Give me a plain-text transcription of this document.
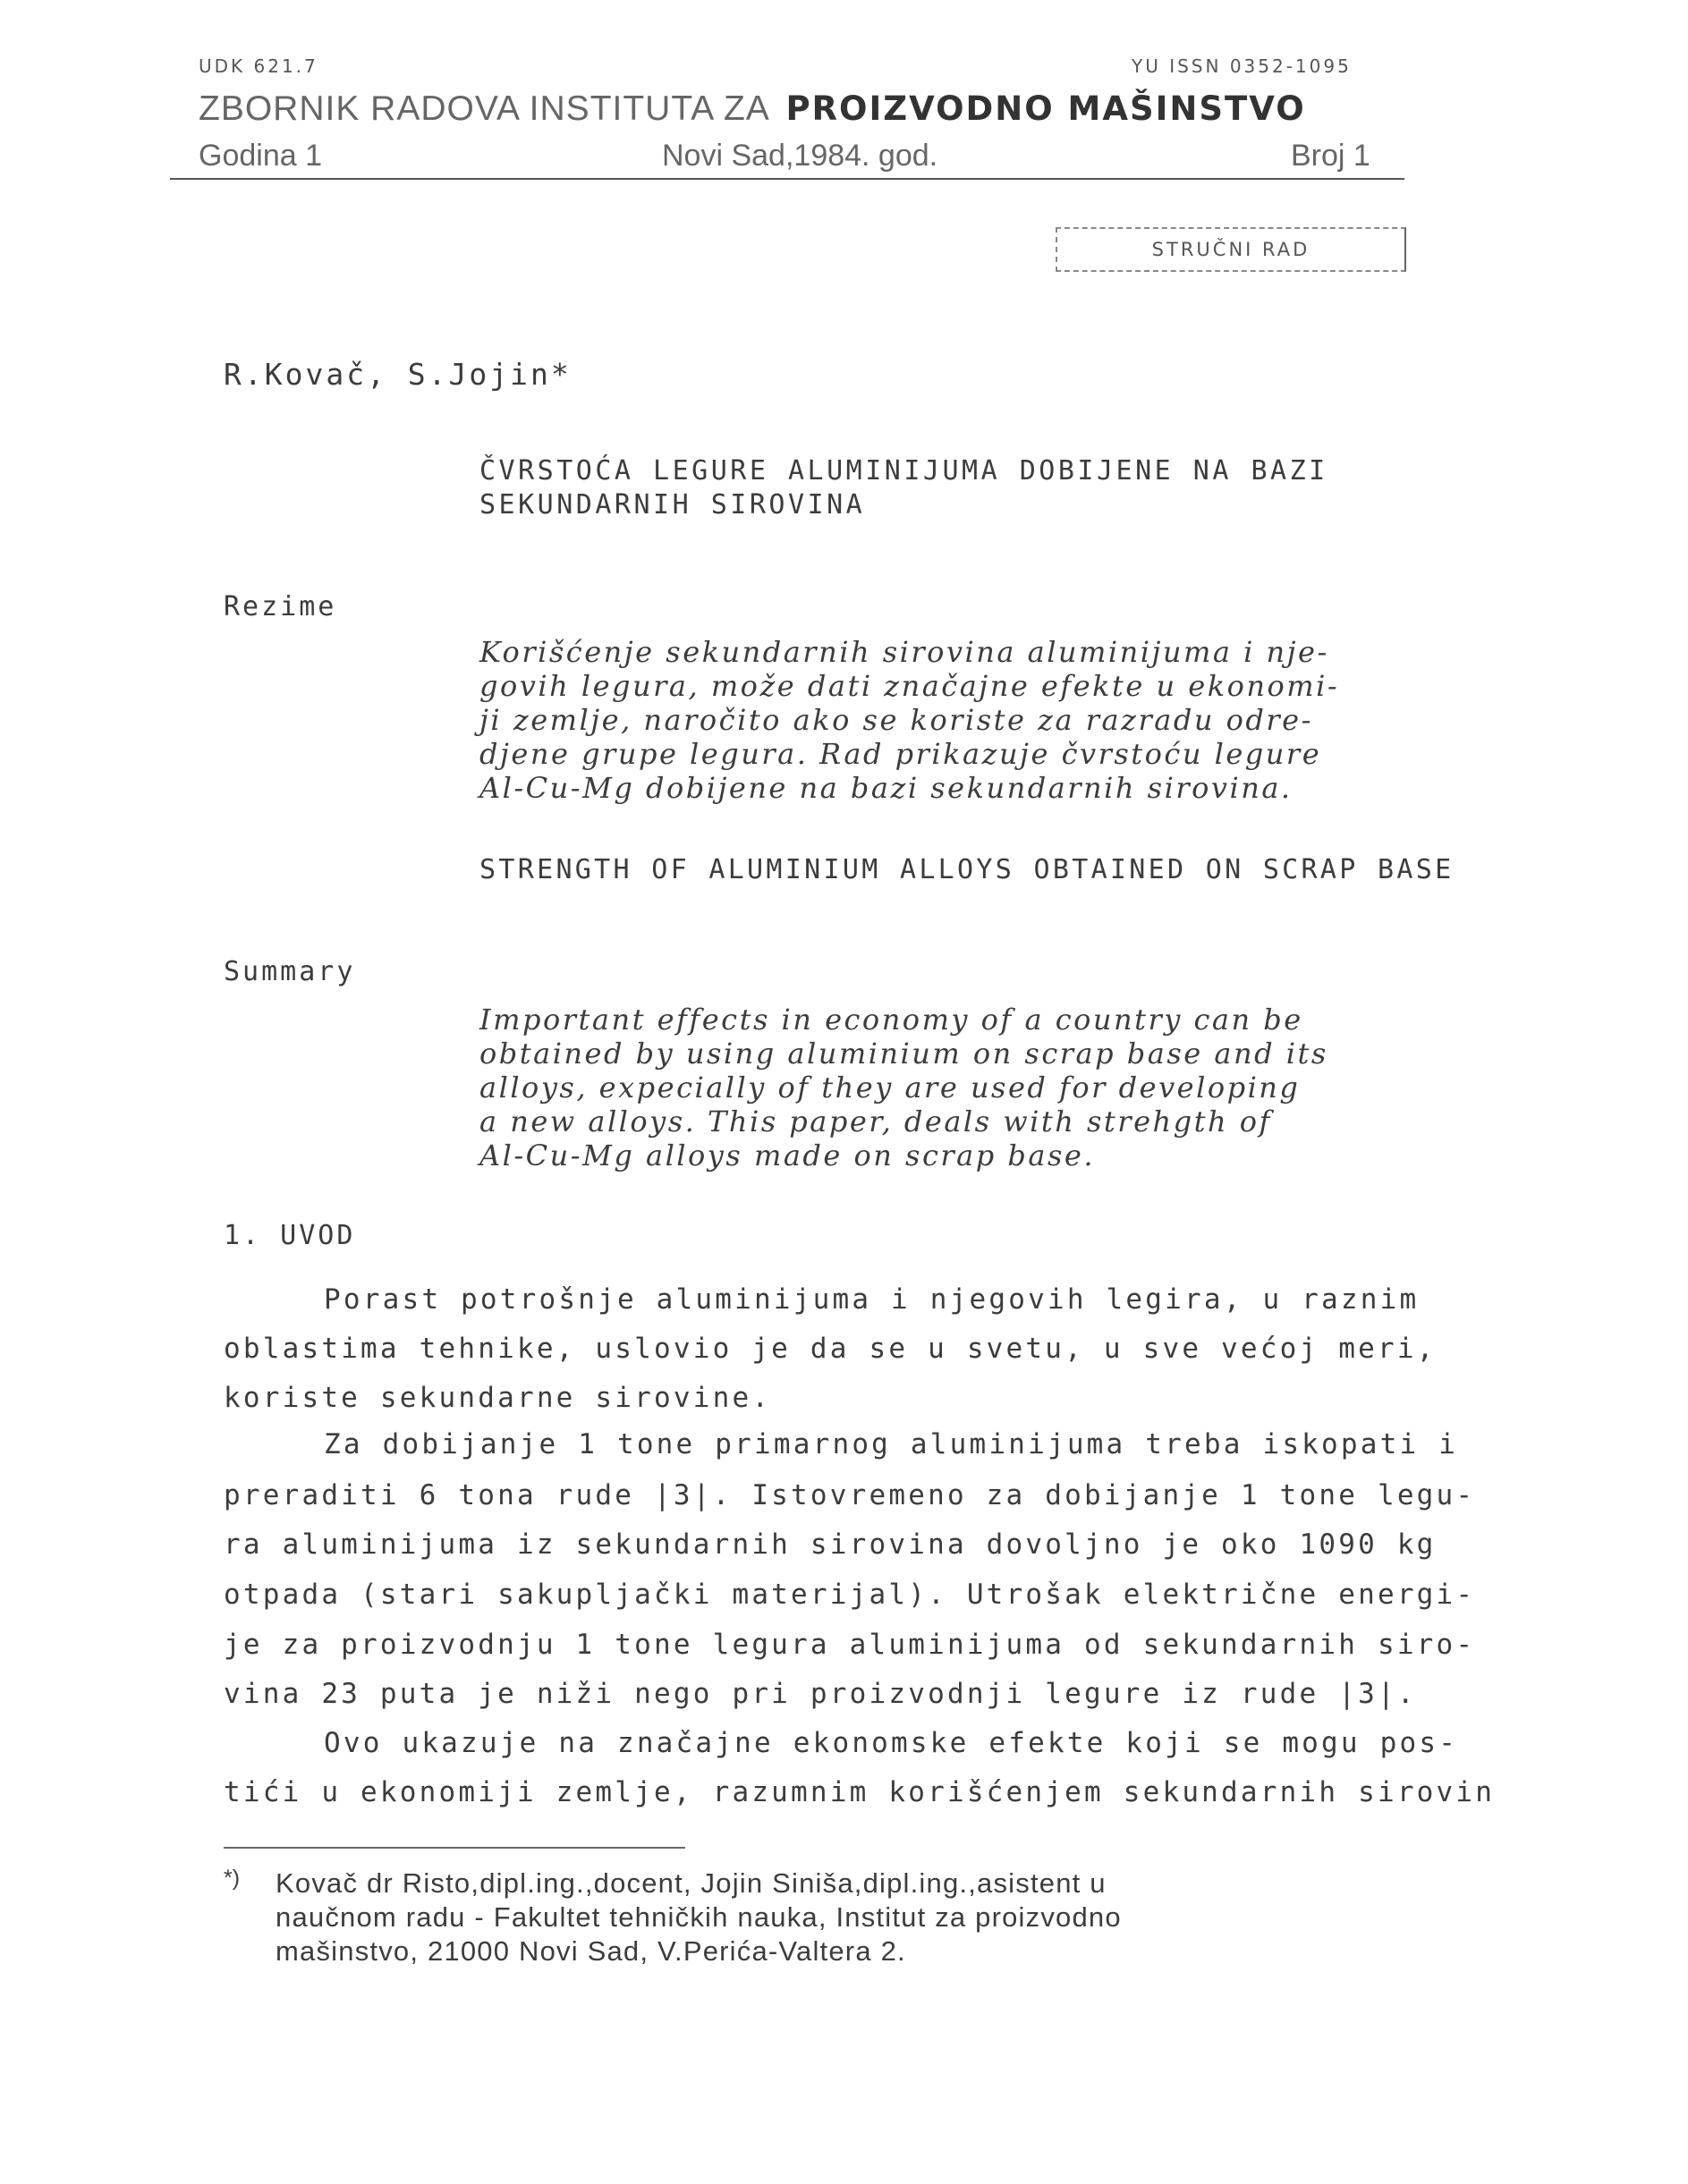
UDK 621.7	YU ISSN 0352-1095
ZBORNIK RADOVA INSTITUTA ZA PROIZVODNO MAŠINSTVO
Godina 1	Novi Sad,1984. god.	Broj 1
STRUČNI RAD
R.Kovač, S.Jojin*
ČVRSTOĆA LEGURE ALUMINIJUMA DOBIJENE NA BAZI
SEKUNDARNIH SIROVINA
Rezime
Korišćenje sekundarnih sirovina aluminijuma i nje-
govih legura, može dati značajne efekte u ekonomi-
ji zemlje, naročito ako se koriste za razradu odre-
djene grupe legura. Rad prikazuje čvrstoću legure
Al-Cu-Mg dobijene na bazi sekundarnih sirovina.
STRENGTH OF ALUMINIUM ALLOYS OBTAINED ON SCRAP BASE
Summary
Important effects in economy of a country can be
obtained by using aluminium on scrap base and its
alloys, expecially of they are used for developing
a new alloys. This paper, deals with strehgth of
Al-Cu-Mg alloys made on scrap base.
1. UVOD
Porast potrošnje aluminijuma i njegovih legira, u raznim
oblastima tehnike, uslovio je da se u svetu, u sve većoj meri,
koriste sekundarne sirovine.
Za dobijanje 1 tone primarnog aluminijuma treba iskopati i
preraditi 6 tona rude |3|. Istovremeno za dobijanje 1 tone legu-
ra aluminijuma iz sekundarnih sirovina dovoljno je oko 1090 kg
otpada (stari sakupljački materijal). Utrošak električne energi-
je za proizvodnju 1 tone legura aluminijuma od sekundarnih siro-
vina 23 puta je niži nego pri proizvodnji legure iz rude |3|.
Ovo ukazuje na značajne ekonomske efekte koji se mogu pos-
tići u ekonomiji zemlje, razumnim korišćenjem sekundarnih sirovin
*) Kovač dr Risto,dipl.ing.,docent, Jojin Siniša,dipl.ing.,asistent u
naučnom radu - Fakultet tehničkih nauka, Institut za proizvodno
mašinstvo, 21000 Novi Sad, V.Perića-Valtera 2.
